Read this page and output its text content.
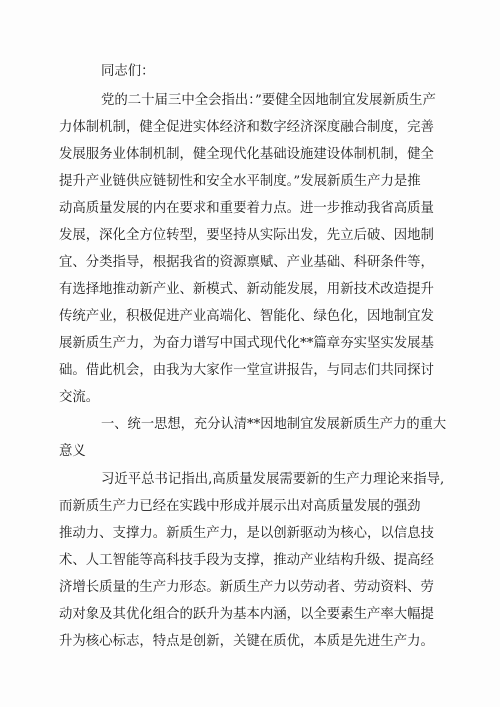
同志们：
党的二十届三中全会指出：”要健全因地制宜发展新质生产
力体制机制，健全促进实体经济和数字经济深度融合制度，完善
发展服务业体制机制，健全现代化基础设施建设体制机制，健全
提升产业链供应链韧性和安全水平制度。”发展新质生产力是推
动高质量发展的内在要求和重要着力点。进一步推动我省高质量
发展，深化全方位转型，要坚持从实际出发，先立后破、因地制
宜、分类指导，根据我省的资源禀赋、产业基础、科研条件等，
有选择地推动新产业、新模式、新动能发展，用新技术改造提升
传统产业，积极促进产业高端化、智能化、绿色化，因地制宜发
展新质生产力，为奋力谱写中国式现代化**篇章夯实坚实发展基
础。借此机会，由我为大家作一堂宣讲报告，与同志们共同探讨
交流。
一、统一思想，充分认清**因地制宜发展新质生产力的重大
意义
习近平总书记指出,高质量发展需要新的生产力理论来指导,
而新质生产力已经在实践中形成并展示出对高质量发展的强劲
推动力、支撑力。新质生产力，是以创新驱动为核心，以信息技
术、人工智能等高科技手段为支撑，推动产业结构升级、提高经
济增长质量的生产力形态。新质生产力以劳动者、劳动资料、劳
动对象及其优化组合的跃升为基本内涵，以全要素生产率大幅提
升为核心标志，特点是创新，关键在质优，本质是先进生产力。
